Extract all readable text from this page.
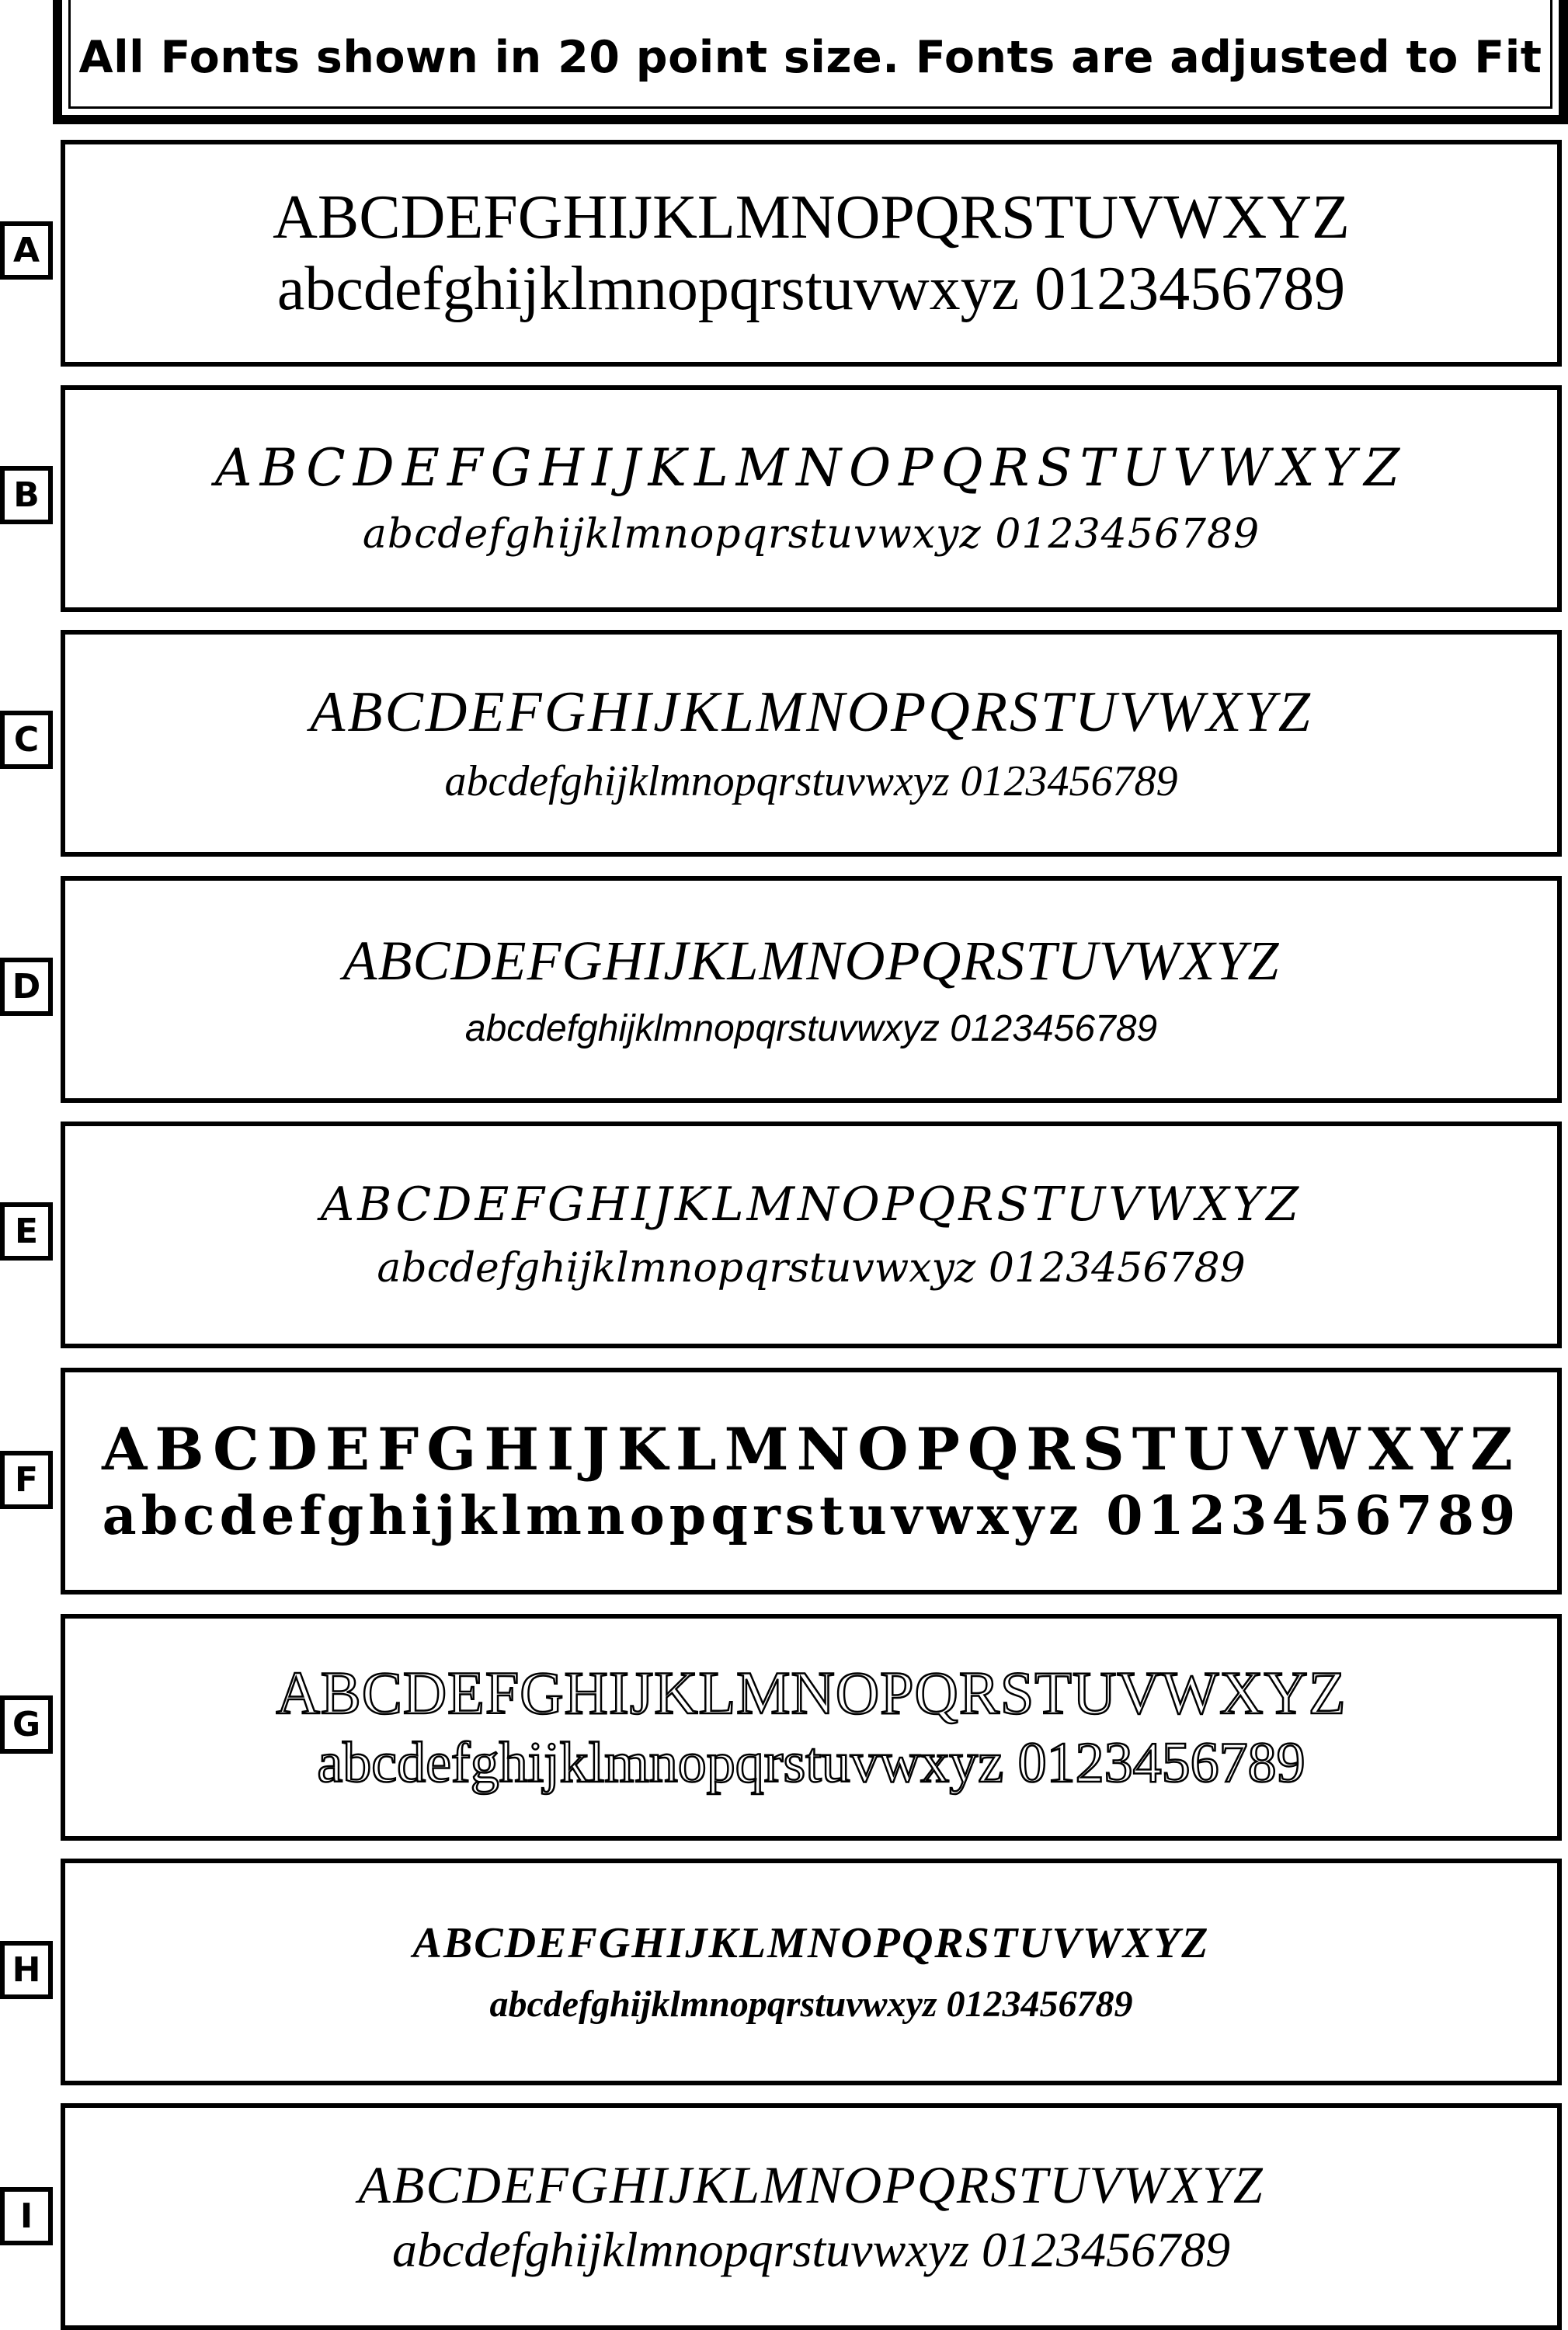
All Fonts shown in 20 point size. Fonts are adjusted to Fit
A	ABCDEFGHIJKLMNOPQRSTUVWXYZ
abcdefghijklmnopqrstuvwxyz 0123456789
B	ABCDEFGHIJKLMNOPQRSTUVWXYZ
abcdefghijklmnopqrstuvwxyz 0123456789
C	ABCDEFGHIJKLMNOPQRSTUVWXYZ
abcdefghijklmnopqrstuvwxyz 0123456789
D	ABCDEFGHIJKLMNOPQRSTUVWXYZ
abcdefghijklmnopqrstuvwxyz 0123456789
E	ABCDEFGHIJKLMNOPQRSTUVWXYZ
abcdefghijklmnopqrstuvwxyz 0123456789
F ABCDEFGHIJKLMNOPQRSTUVWXYZ
abcdefghijklmnopqrstuvwxyz 0123456789
G	ABCDEFGHIJKLMNOPQRSTUVWXYZ
abcdefghijklmnopqrstuvwxyz 0123456789
H
ABCDEFGHIJKLMNOPQRSTUVWXYZ
abcdefghijklmnopqrstuvwxyz 0123456789
I
ABCDEFGHIJKLMNOPQRSTUVWXYZ
abcdefghijklmnopqrstuvwxyz 0123456789
